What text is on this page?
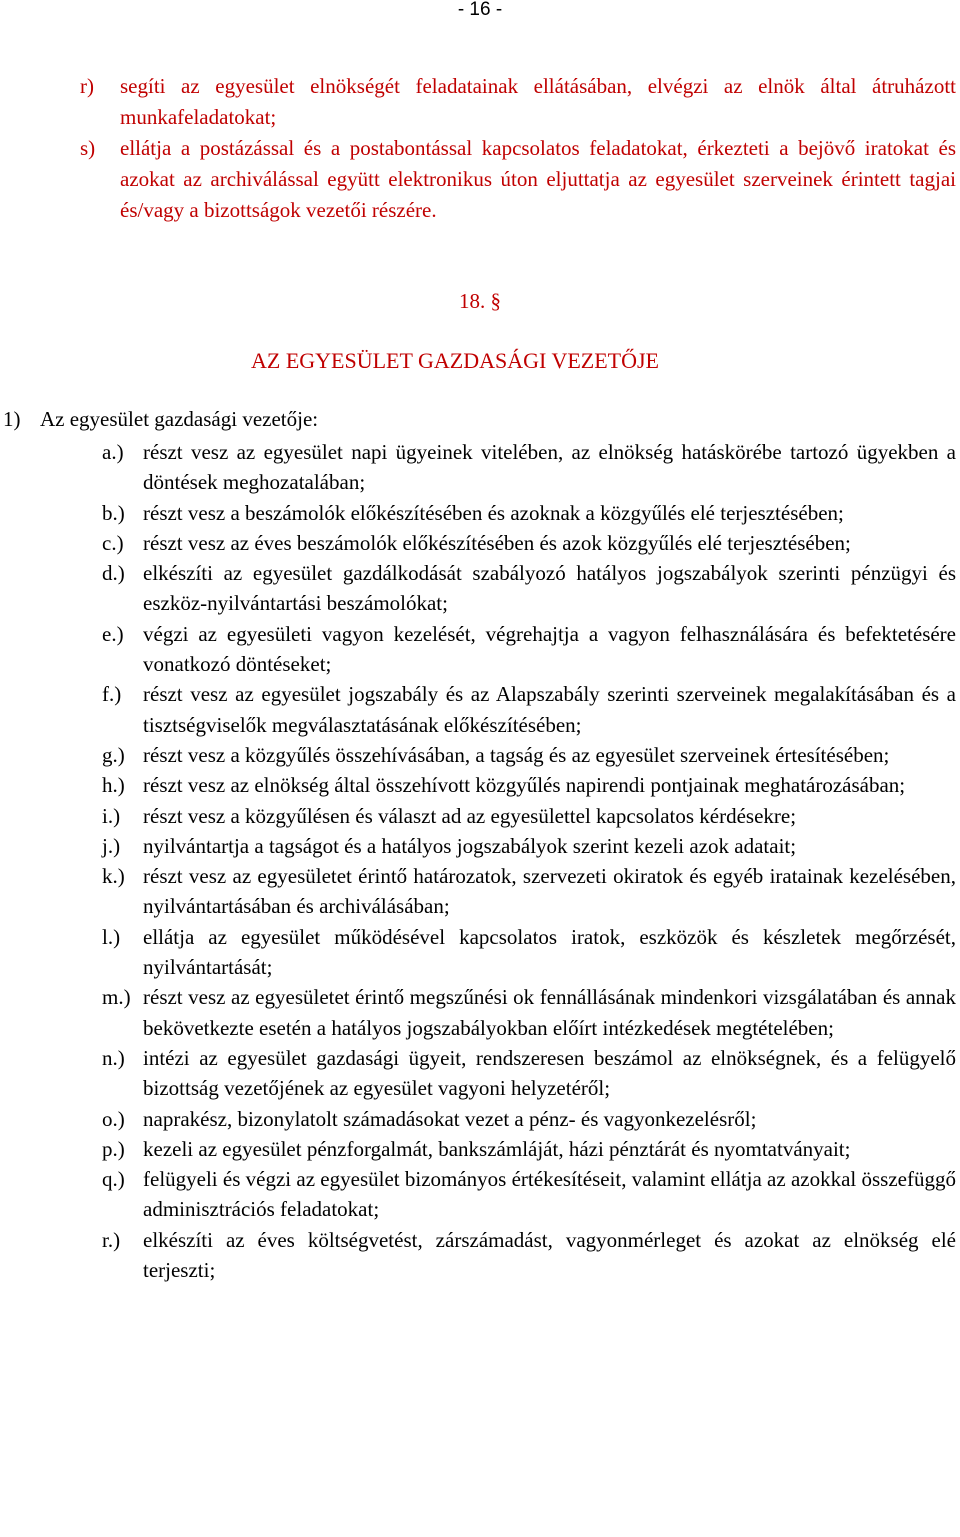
- 16 -
r)	segíti az egyesület elnökségét feladatainak ellátásában, elvégzi az elnök által átruházott munkafeladatokat;
s)	ellátja a postázással és a postabontással kapcsolatos feladatokat, érkezteti a bejövő iratokat és azokat az archiválással együtt elektronikus úton eljuttatja az egyesület szerveinek érintett tagjai és/vagy a bizottságok vezetői részére.
18. §
AZ EGYESÜLET GAZDASÁGI VEZETŐJE
1) Az egyesület gazdasági vezetője:
a.) részt vesz az egyesület napi ügyeinek vitelében, az elnökség hatáskörébe tartozó ügyekben a döntések meghozatalában;
b.) részt vesz a beszámolók előkészítésében és azoknak a közgyűlés elé terjesztésében;
c.) részt vesz az éves beszámolók előkészítésében és azok közgyűlés elé terjesztésében;
d.) elkészíti az egyesület gazdálkodását szabályozó hatályos jogszabályok szerinti pénzügyi és eszköz-nyilvántartási beszámolókat;
e.) végzi az egyesületi vagyon kezelését, végrehajtja a vagyon felhasználására és befektetésére vonatkozó döntéseket;
f.)	részt vesz az egyesület jogszabály és az Alapszabály szerinti szerveinek megalakításában és a tisztségviselők megválasztatásának előkészítésében;
g.) részt vesz a közgyűlés összehívásában, a tagság és az egyesület szerveinek értesítésében;
h.) részt vesz az elnökség által összehívott közgyűlés napirendi pontjainak meghatározásában;
i.)	részt vesz a közgyűlésen és választ ad az egyesülettel kapcsolatos kérdésekre;
j.)	nyilvántartja a tagságot és a hatályos jogszabályok szerint kezeli azok adatait;
k.) részt vesz az egyesületet érintő határozatok, szervezeti okiratok és egyéb iratainak kezelésében, nyilvántartásában és archiválásában;
l.)	ellátja az egyesület működésével kapcsolatos iratok, eszközök és készletek megőrzését, nyilvántartását;
m.) részt vesz az egyesületet érintő megszűnési ok fennállásának mindenkori vizsgálatában és annak bekövetkezte esetén a hatályos jogszabályokban előírt intézkedések megtételében;
n.) intézi az egyesület gazdasági ügyeit, rendszeresen beszámol az elnökségnek, és a felügyelő bizottság vezetőjének az egyesület vagyoni helyzetéről;
o.) naprakész, bizonylatolt számadásokat vezet a pénz- és vagyonkezelésről;
p.) kezeli az egyesület pénzforgalmát, bankszámláját, házi pénztárát és nyomtatványait;
q.) felügyeli és végzi az egyesület bizományos értékesítéseit, valamint ellátja az azokkal összefüggő adminisztrációs feladatokat;
r.)	elkészíti az éves költségvetést, zárszámadást, vagyonmérleget és azokat az elnökség elé terjeszti;
